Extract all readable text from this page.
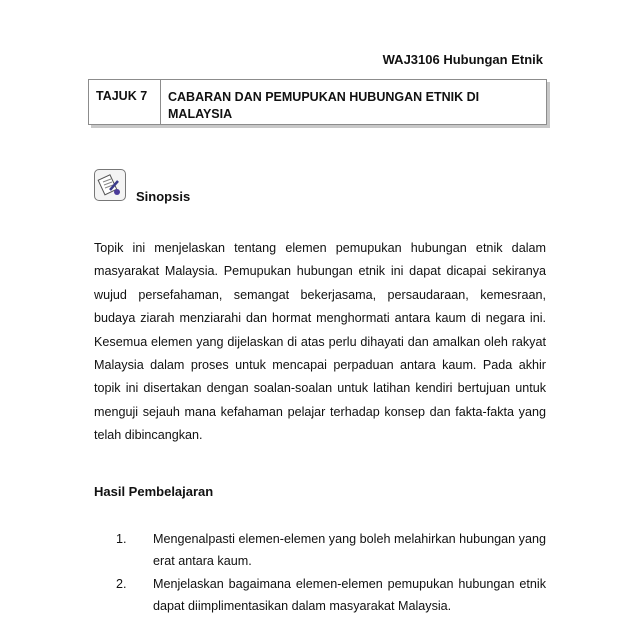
WAJ3106 Hubungan Etnik
TAJUK 7	CABARAN DAN PEMUPUKAN HUBUNGAN ETNIK DI MALAYSIA
Sinopsis
Topik ini menjelaskan tentang elemen pemupukan hubungan etnik dalam masyarakat Malaysia. Pemupukan hubungan etnik ini dapat dicapai sekiranya wujud persefahaman, semangat bekerjasama, persaudaraan, kemesraan, budaya ziarah menziarahi dan hormat menghormati antara kaum di negara ini. Kesemua elemen yang dijelaskan di atas perlu dihayati dan amalkan oleh rakyat Malaysia dalam proses untuk mencapai perpaduan antara kaum. Pada akhir topik ini disertakan dengan soalan-soalan untuk latihan kendiri bertujuan untuk menguji sejauh mana kefahaman pelajar terhadap konsep dan fakta-fakta yang telah dibincangkan.
Hasil Pembelajaran
1.	Mengenalpasti elemen-elemen yang boleh melahirkan hubungan yang erat antara kaum.
2.	Menjelaskan bagaimana elemen-elemen pemupukan hubungan etnik dapat diimplimentasikan dalam masyarakat Malaysia.
